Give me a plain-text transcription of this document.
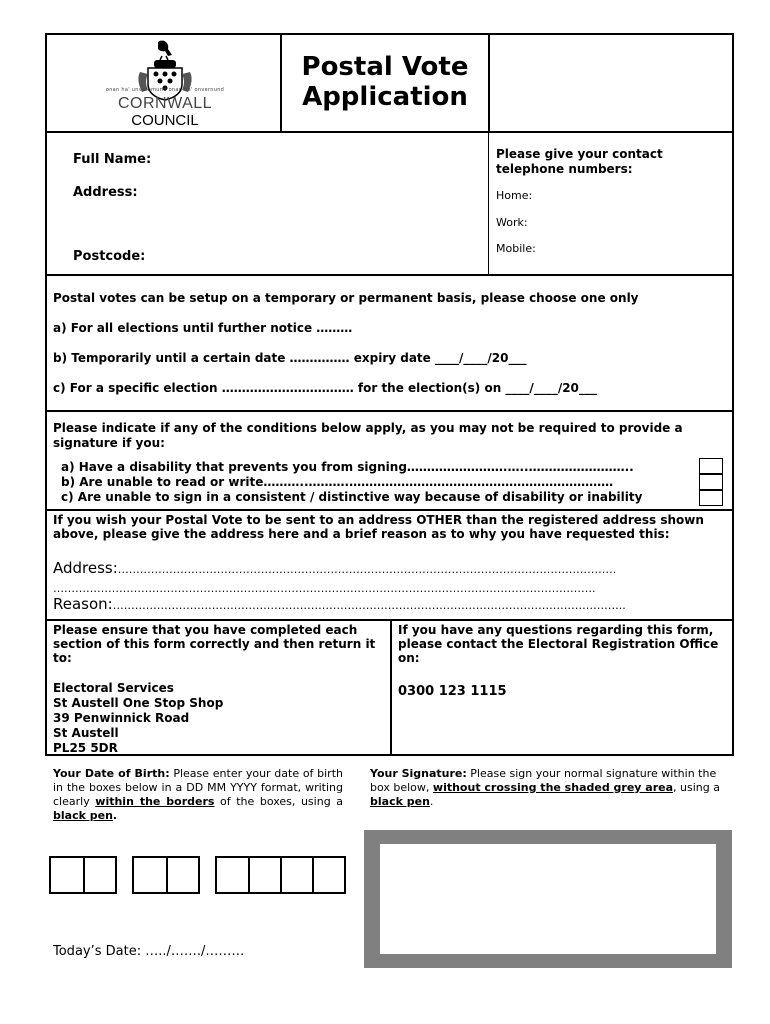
onan ha' unvernmund onan ha' onvernund
CORNWALL
COUNCIL
Postal Vote
Application
Full Name:
Address:
Postcode:
Please give your contact telephone numbers:
Home:
Work:
Mobile:
Postal votes can be setup on a temporary or permanent basis, please choose one only
a) For all elections until further notice ………
b) Temporarily until a certain date …………… expiry date ____/____/20___
c) For a specific election …………………………… for the election(s) on ____/____/20___
Please indicate if any of the conditions below apply, as you may not be required to provide a signature if you:
a) Have a disability that prevents you from signing…………………….…..……………………..
b) Are unable to read or write………..……….…………………………………………………………
c) Are unable to sign in a consistent / distinctive way because of disability or inability
If you wish your Postal Vote to be sent to an address OTHER than the registered address shown above, please give the address here and a brief reason as to why you have requested this:
Address:……………………………………………………………………………………………………………………….
………………………………………………………………………………………………………………………………….
Reason:…………………………………………………………………………………………………………………………..
Please ensure that you have completed each section of this form correctly and then return it to:
Electoral Services
St Austell One Stop Shop
39 Penwinnick Road
St Austell
PL25 5DR
If you have any questions regarding this form, please contact the Electoral Registration Office on:
0300 123 1115
Your Date of Birth: Please enter your date of birth in the boxes below in a DD MM YYYY format, writing clearly within the borders of the boxes, using a black pen.
Your Signature: Please sign your normal signature within the box below, without crossing the shaded grey area, using a black pen.
Today’s Date: …../……./………
